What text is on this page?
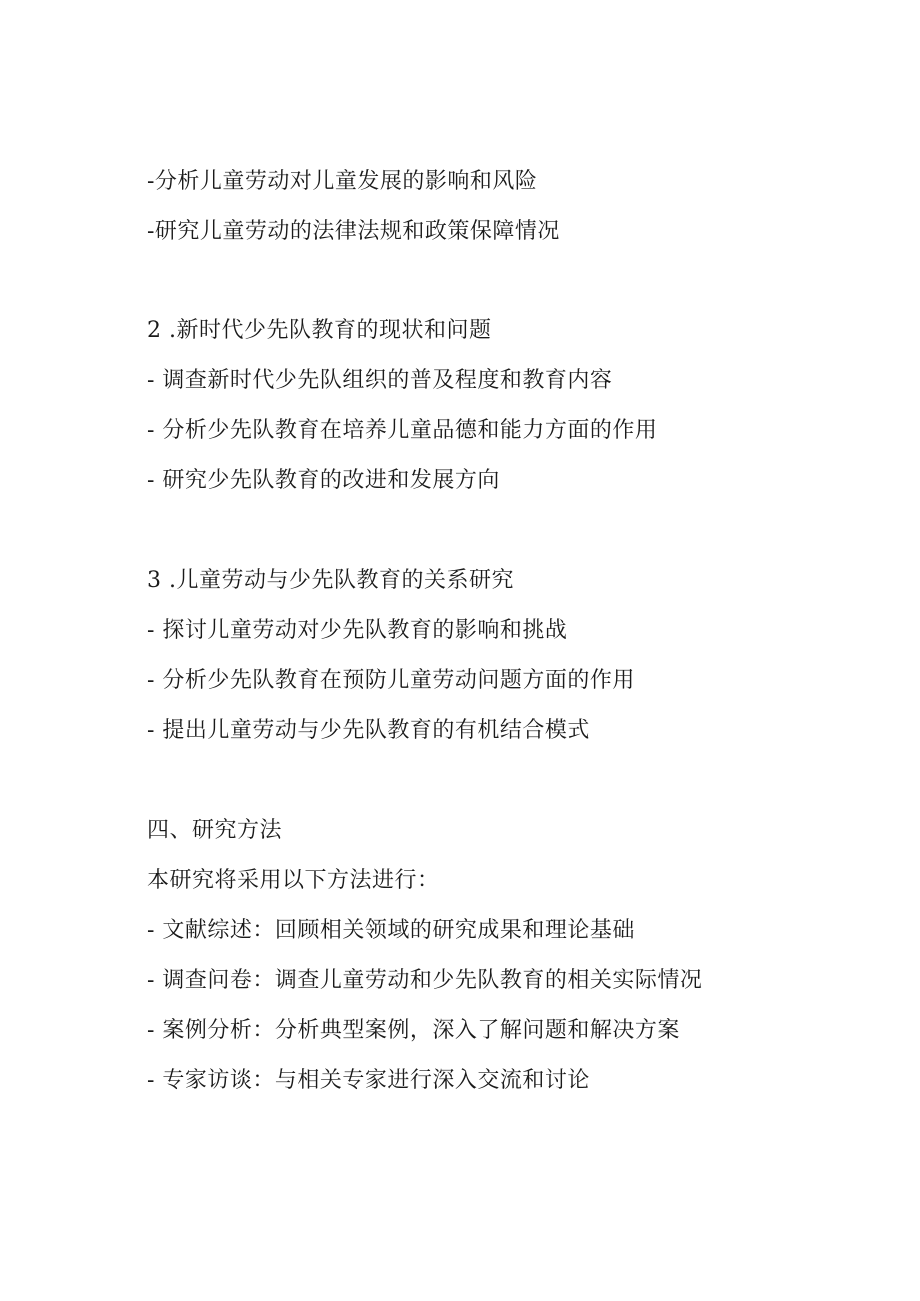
-分析儿童劳动对儿童发展的影响和风险
-研究儿童劳动的法律法规和政策保障情况
2 .新时代少先队教育的现状和问题
- 调查新时代少先队组织的普及程度和教育内容
- 分析少先队教育在培养儿童品德和能力方面的作用
- 研究少先队教育的改进和发展方向
3 .儿童劳动与少先队教育的关系研究
- 探讨儿童劳动对少先队教育的影响和挑战
- 分析少先队教育在预防儿童劳动问题方面的作用
- 提出儿童劳动与少先队教育的有机结合模式
四、研究方法
本研究将采用以下方法进行：
- 文献综述：回顾相关领域的研究成果和理论基础
- 调查问卷：调查儿童劳动和少先队教育的相关实际情况
- 案例分析：分析典型案例，深入了解问题和解决方案
- 专家访谈：与相关专家进行深入交流和讨论
